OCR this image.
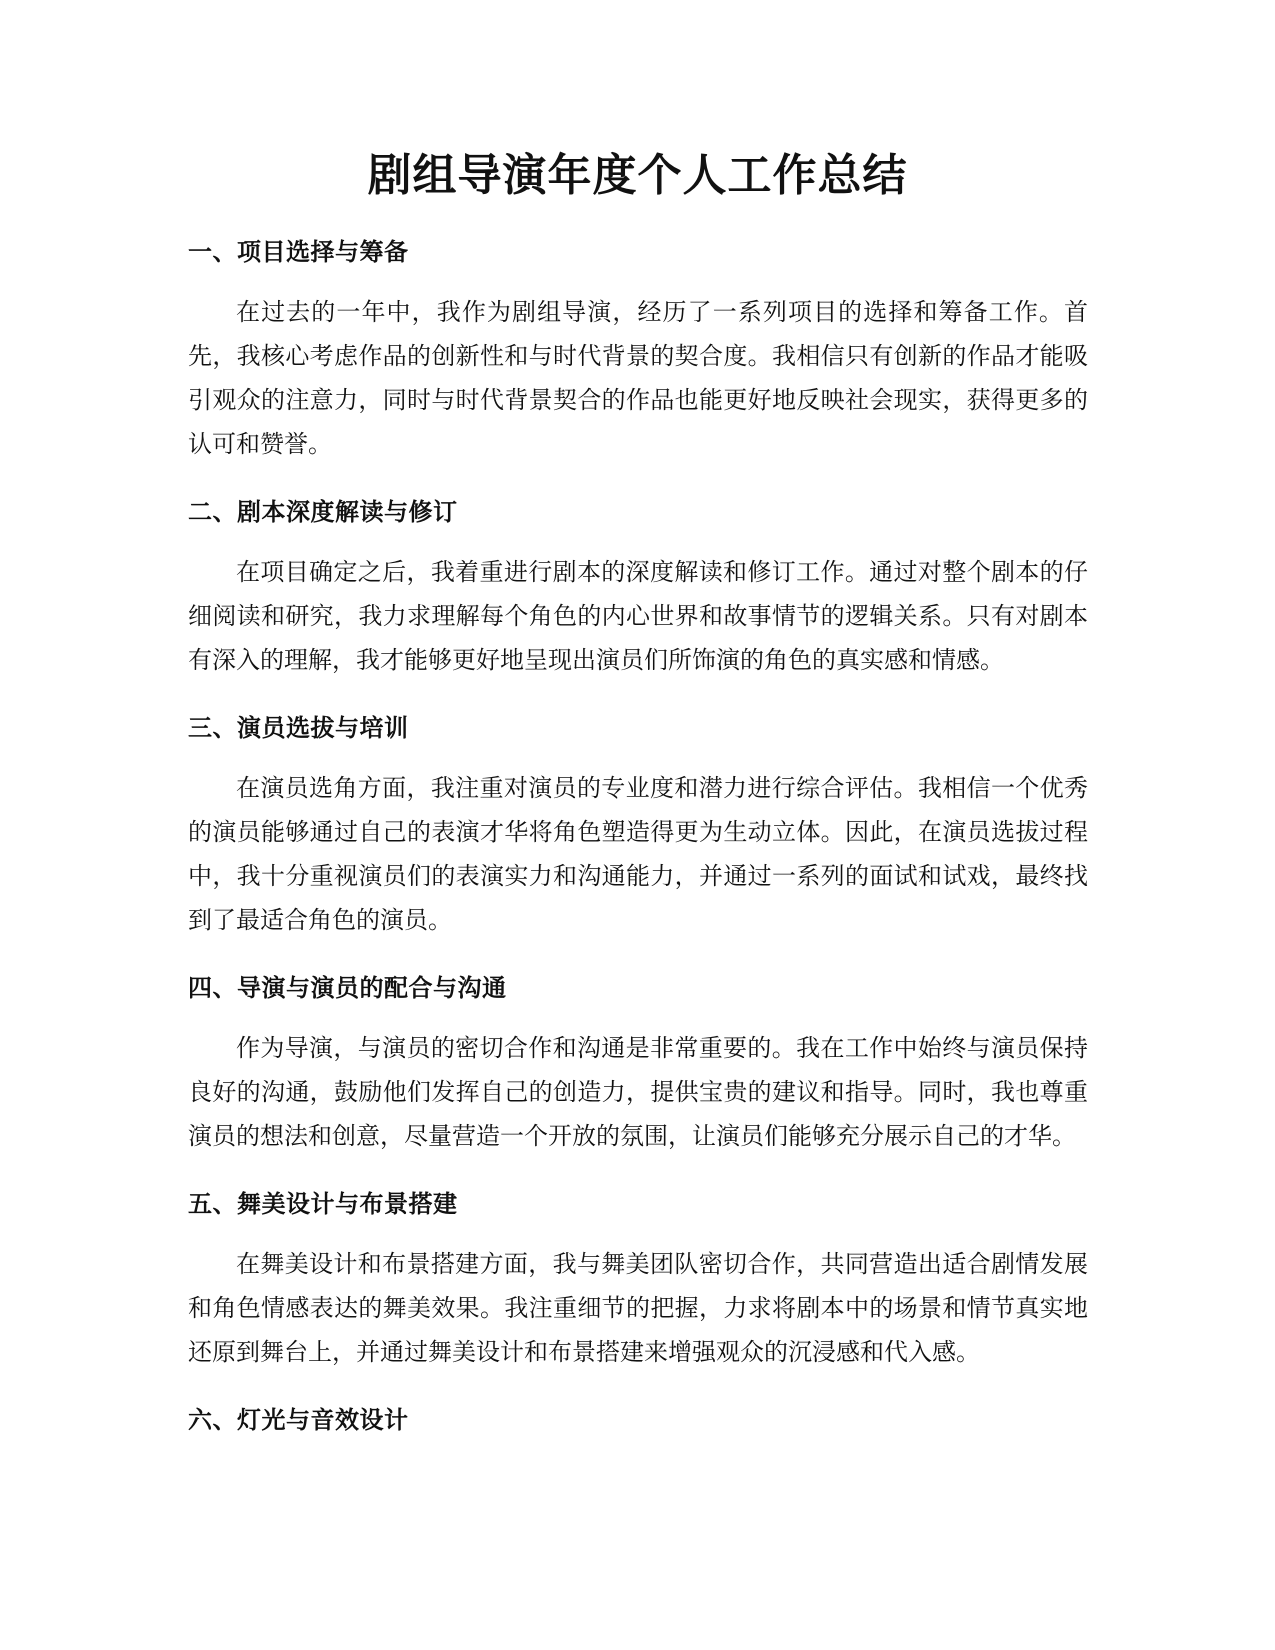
剧组导演年度个人工作总结
一、项目选择与筹备

在过去的一年中，我作为剧组导演，经历了一系列项目的选择和筹备工作。首先，我核心考虑作品的创新性和与时代背景的契合度。我相信只有创新的作品才能吸引观众的注意力，同时与时代背景契合的作品也能更好地反映社会现实，获得更多的认可和赞誉。

二、剧本深度解读与修订

在项目确定之后，我着重进行剧本的深度解读和修订工作。通过对整个剧本的仔细阅读和研究，我力求理解每个角色的内心世界和故事情节的逻辑关系。只有对剧本有深入的理解，我才能够更好地呈现出演员们所饰演的角色的真实感和情感。

三、演员选拔与培训

在演员选角方面，我注重对演员的专业度和潜力进行综合评估。我相信一个优秀的演员能够通过自己的表演才华将角色塑造得更为生动立体。因此，在演员选拔过程中，我十分重视演员们的表演实力和沟通能力，并通过一系列的面试和试戏，最终找到了最适合角色的演员。

四、导演与演员的配合与沟通

作为导演，与演员的密切合作和沟通是非常重要的。我在工作中始终与演员保持良好的沟通，鼓励他们发挥自己的创造力，提供宝贵的建议和指导。同时，我也尊重演员的想法和创意，尽量营造一个开放的氛围，让演员们能够充分展示自己的才华。

五、舞美设计与布景搭建

在舞美设计和布景搭建方面，我与舞美团队密切合作，共同营造出适合剧情发展和角色情感表达的舞美效果。我注重细节的把握，力求将剧本中的场景和情节真实地还原到舞台上，并通过舞美设计和布景搭建来增强观众的沉浸感和代入感。

六、灯光与音效设计
